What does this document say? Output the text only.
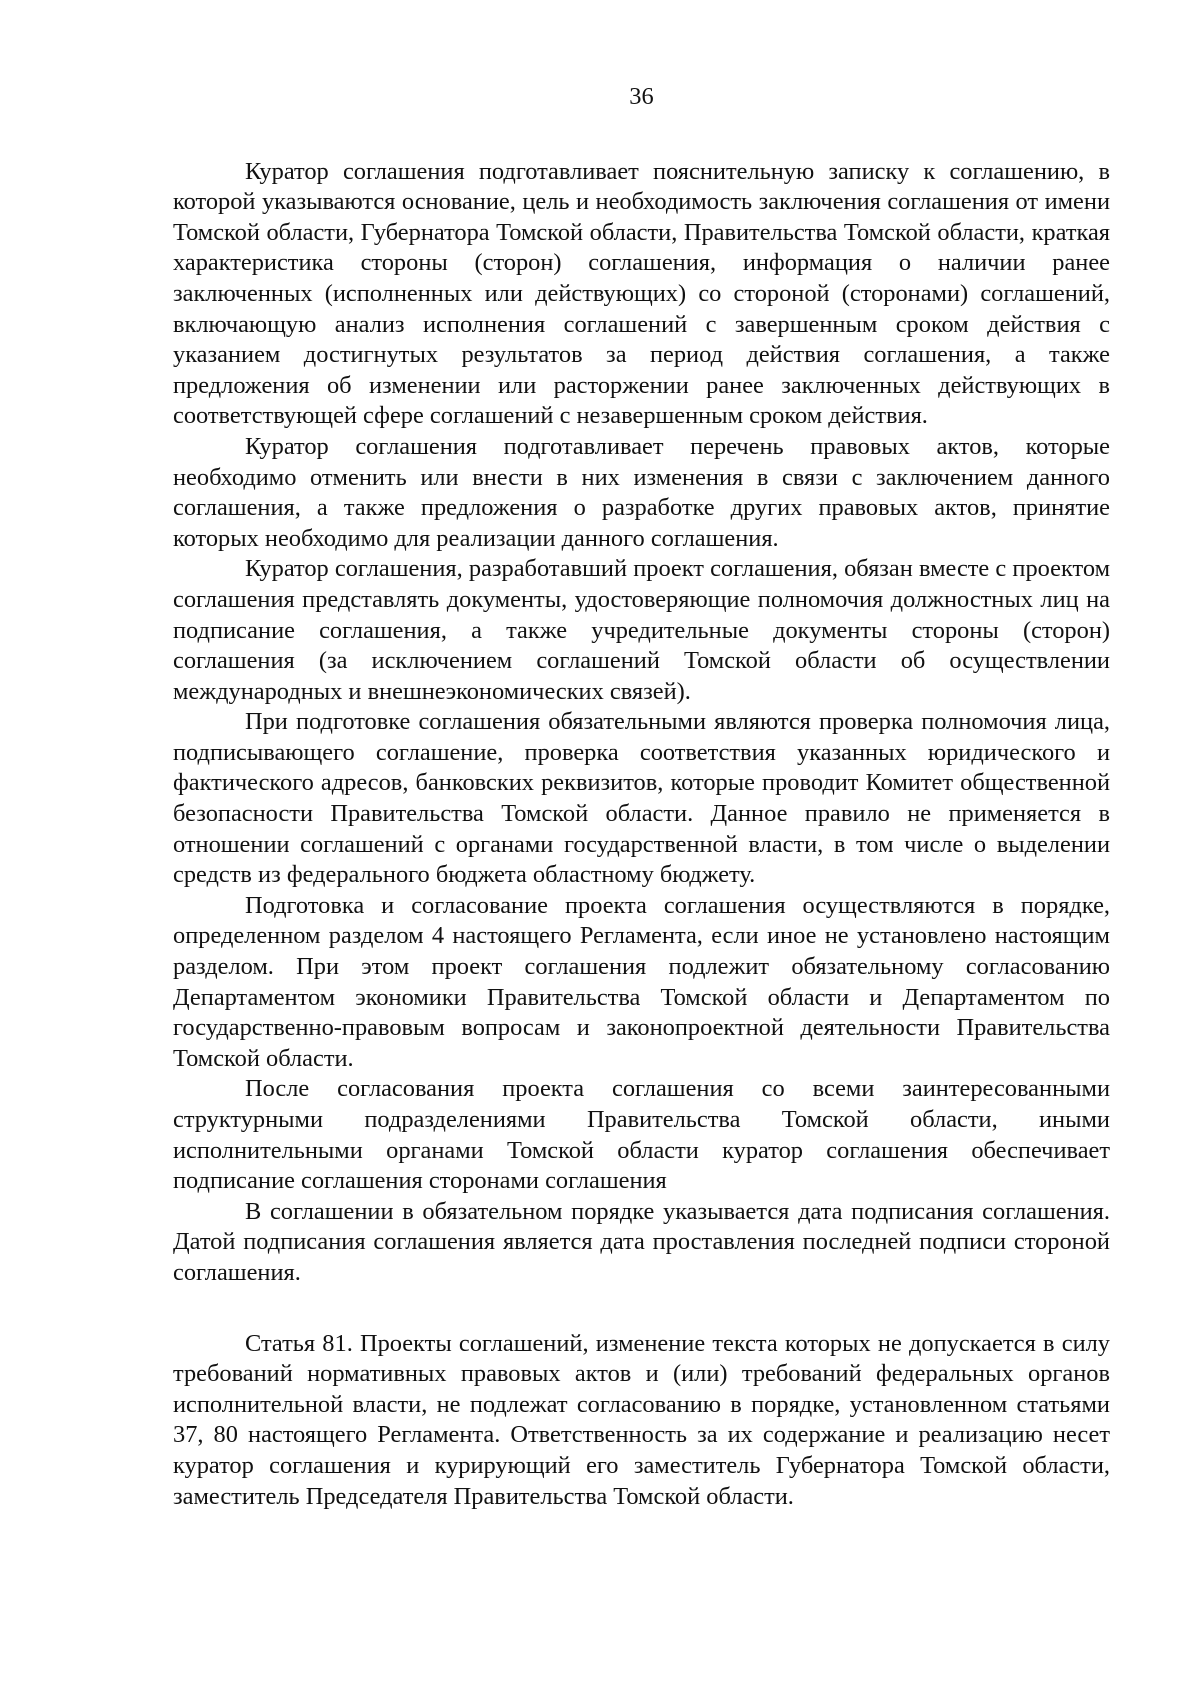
36

Куратор соглашения подготавливает пояснительную записку к соглашению, в которой указываются основание, цель и необходимость заключения соглашения от имени Томской области, Губернатора Томской области, Правительства Томской области, краткая характеристика стороны (сторон) соглашения, информация о наличии ранее заключенных (исполненных или действующих) со стороной (сторонами) соглашений, включающую анализ исполнения соглашений с завершенным сроком действия с указанием достигнутых результатов за период действия соглашения, а также предложения об изменении или расторжении ранее заключенных действующих в соответствующей сфере соглашений с незавершенным сроком действия.

Куратор соглашения подготавливает перечень правовых актов, которые необходимо отменить или внести в них изменения в связи с заключением данного соглашения, а также предложения о разработке других правовых актов, принятие которых необходимо для реализации данного соглашения.

Куратор соглашения, разработавший проект соглашения, обязан вместе с проектом соглашения представлять документы, удостоверяющие полномочия должностных лиц на подписание соглашения, а также учредительные документы стороны (сторон) соглашения (за исключением соглашений Томской области об осуществлении международных и внешнеэкономических связей).

При подготовке соглашения обязательными являются проверка полномочия лица, подписывающего соглашение, проверка соответствия указанных юридического и фактического адресов, банковских реквизитов, которые проводит Комитет общественной безопасности Правительства Томской области. Данное правило не применяется в отношении соглашений с органами государственной власти, в том числе о выделении средств из федерального бюджета областному бюджету.

Подготовка и согласование проекта соглашения осуществляются в порядке, определенном разделом 4 настоящего Регламента, если иное не установлено настоящим разделом. При этом проект соглашения подлежит обязательному согласованию Департаментом экономики Правительства Томской области и Департаментом по государственно-правовым вопросам и законопроектной деятельности Правительства Томской области.

После согласования проекта соглашения со всеми заинтересованными структурными подразделениями Правительства Томской области, иными исполнительными органами Томской области куратор соглашения обеспечивает подписание соглашения сторонами соглашения

В соглашении в обязательном порядке указывается дата подписания соглашения. Датой подписания соглашения является дата проставления последней подписи стороной соглашения.

Статья 81. Проекты соглашений, изменение текста которых не допускается в силу требований нормативных правовых актов и (или) требований федеральных органов исполнительной власти, не подлежат согласованию в порядке, установленном статьями 37, 80 настоящего Регламента. Ответственность за их содержание и реализацию несет куратор соглашения и курирующий его заместитель Губернатора Томской области, заместитель Председателя Правительства Томской области.
